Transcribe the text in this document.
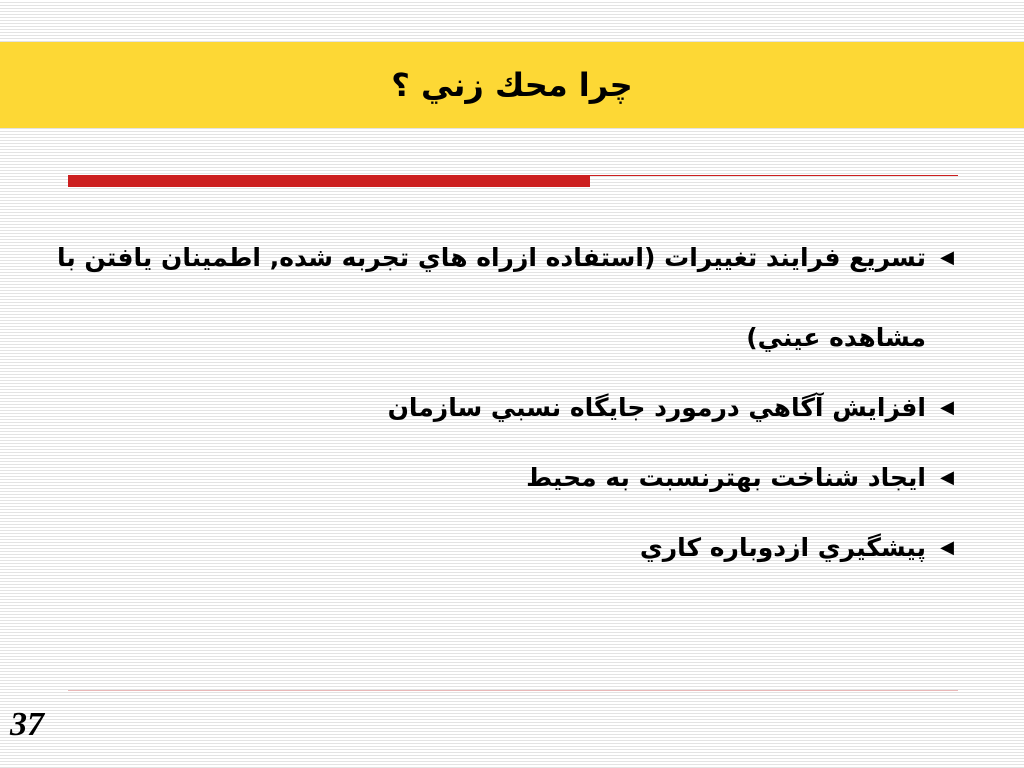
چرا محك زني ؟
◀
تسريع فرايند تغييرات (استفاده ازراه هاي تجربه شده, اطمينان يافتن با مشاهده عيني)
◀
افزايش آگاهي درمورد جايگاه نسبي سازمان
◀
ايجاد شناخت بهترنسبت به محيط
◀
پيشگيري ازدوباره كاري
37
